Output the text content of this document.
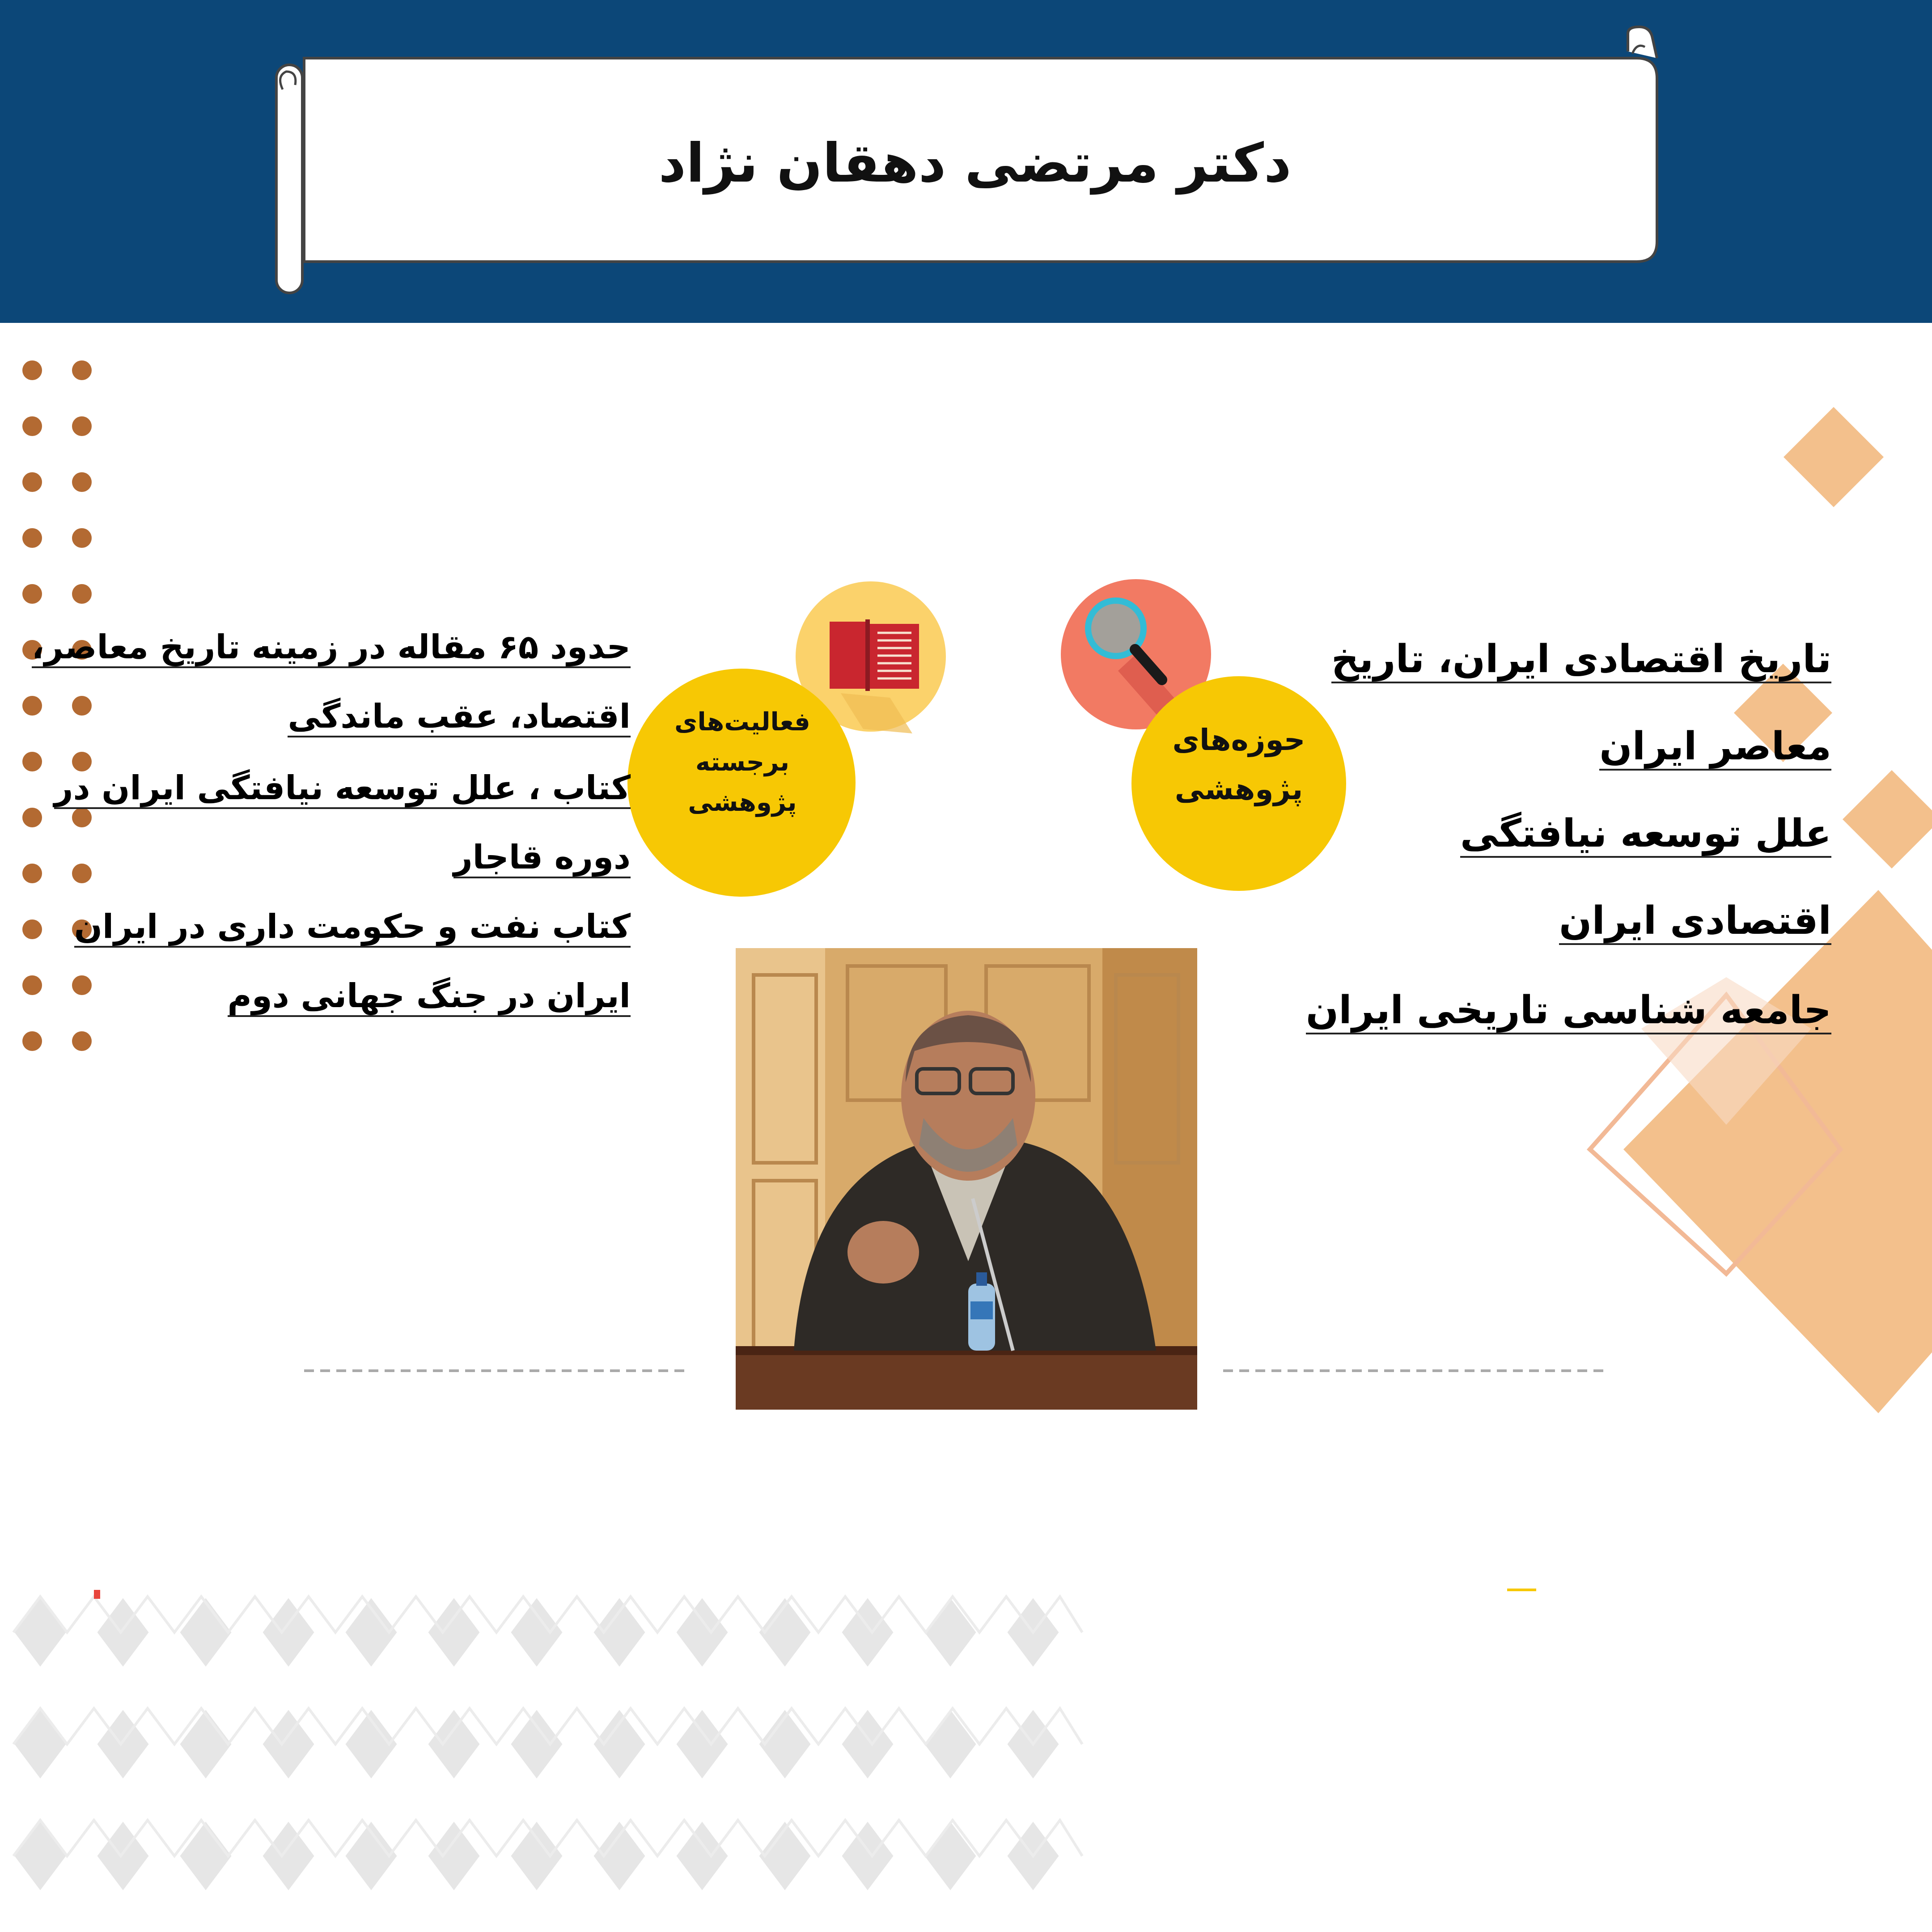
دکتر مرتضی دهقان نژاد
فعالیت‌های
برجسته
پژوهشی
حوزه‌های
پژوهشی
حدود ۶۵ مقاله در زمینه تاریخ معاصر،
اقتصاد، عقب ماندگی
کتاب ، علل توسعه نیافتگی ایران در
دوره قاجار
کتاب نفت و حکومت داری در ایران
ایران در جنگ جهانی دوم
تاریخ اقتصادی ایران، تاریخ
معاصر ایران
علل توسعه نیافتگی
اقتصادی ایران
جامعه شناسی تاریخی ایران
